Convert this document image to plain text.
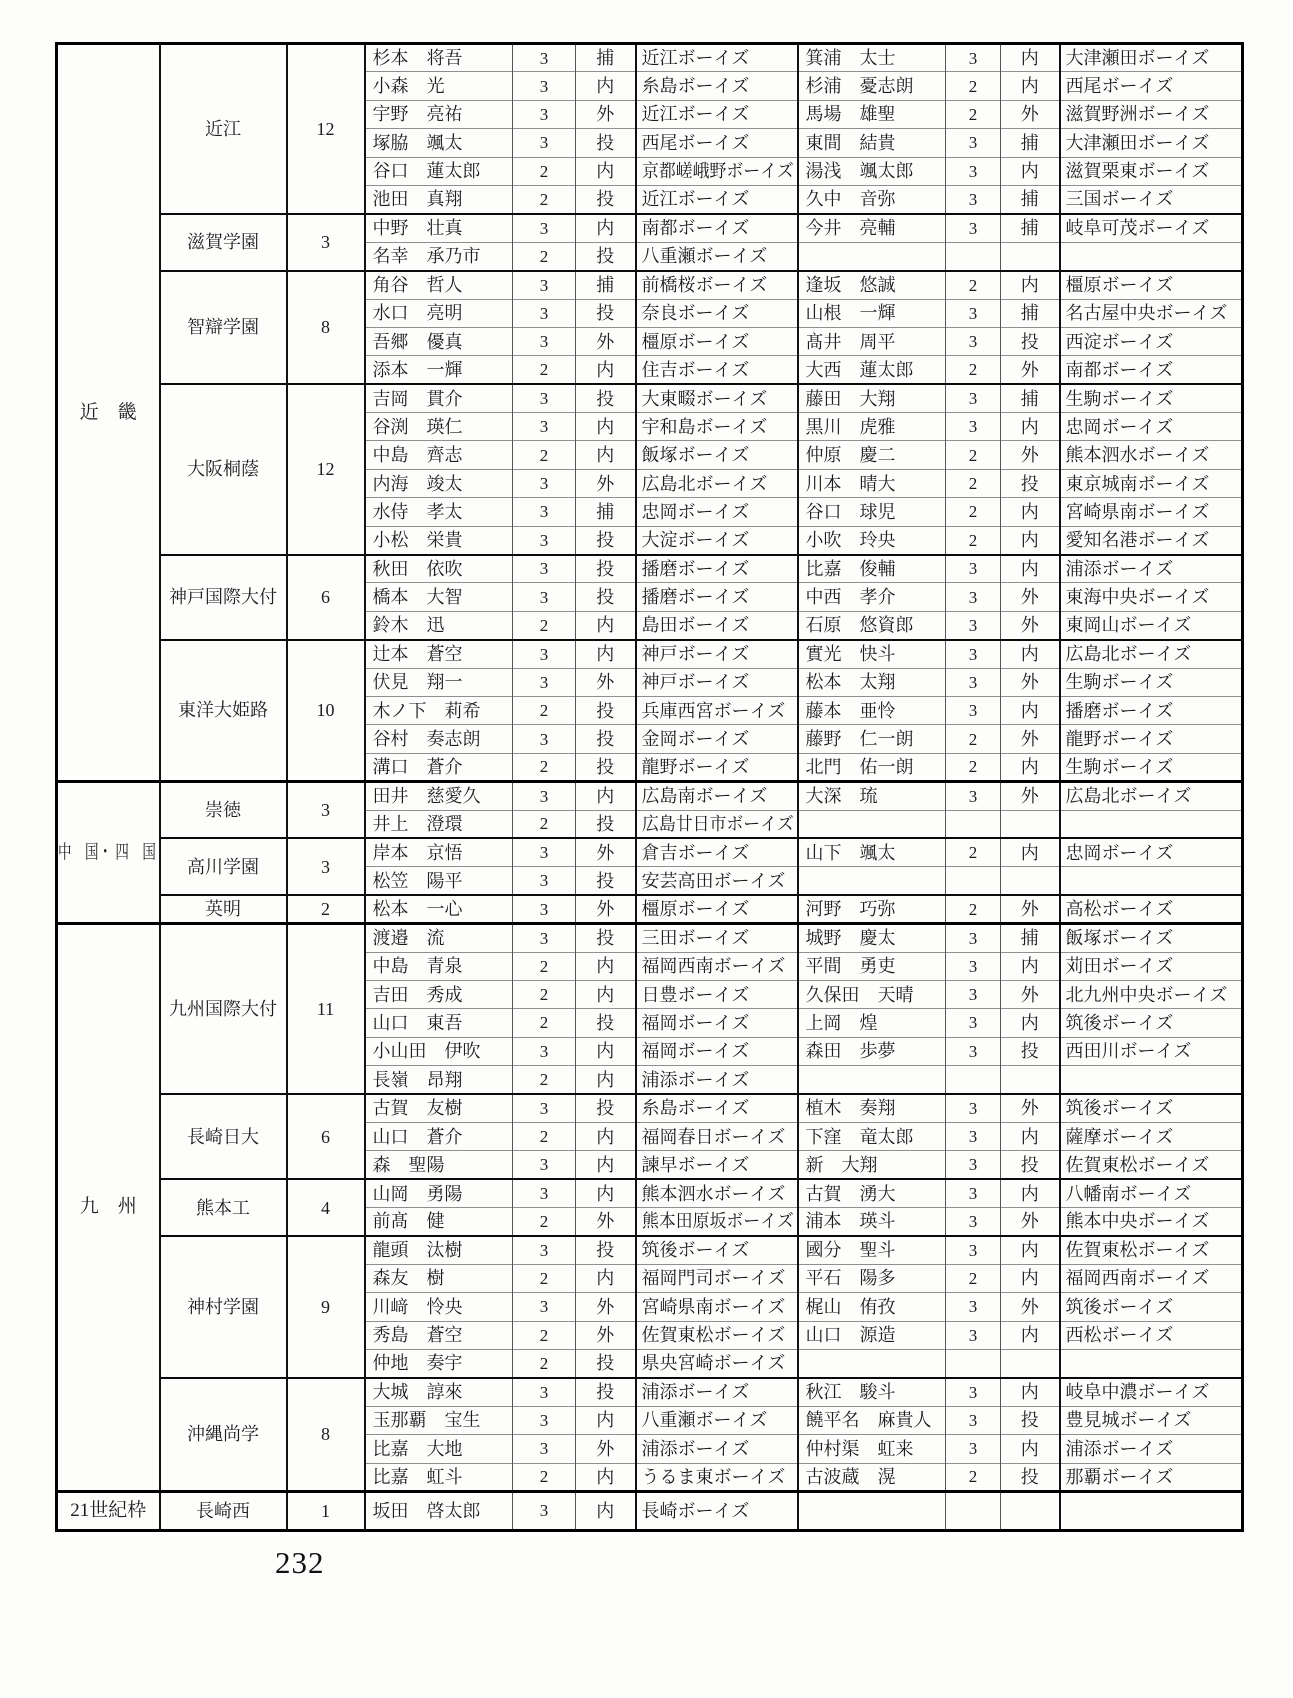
近　畿	近江	12	杉本　将吾	3	捕	近江ボーイズ	箕浦　太士	3	内	大津瀬田ボーイズ
			小森　光	3	内	糸島ボーイズ	杉浦　憂志朗	2	内	西尾ボーイズ
			宇野　亮祐	3	外	近江ボーイズ	馬場　雄聖	2	外	滋賀野洲ボーイズ
			塚脇　颯太	3	投	西尾ボーイズ	東間　結貴	3	捕	大津瀬田ボーイズ
			谷口　蓮太郎	2	内	京都嵯峨野ボーイズ	湯浅　颯太郎	3	内	滋賀栗東ボーイズ
			池田　真翔	2	投	近江ボーイズ	久中　音弥	3	捕	三国ボーイズ
	滋賀学園	3	中野　壮真	3	内	南都ボーイズ	今井　亮輔	3	捕	岐阜可茂ボーイズ
			名幸　承乃市	2	投	八重瀬ボーイズ				
	智辯学園	8	角谷　哲人	3	捕	前橋桜ボーイズ	逢坂　悠誠	2	内	橿原ボーイズ
			水口　亮明	3	投	奈良ボーイズ	山根　一輝	3	捕	名古屋中央ボーイズ
			吾郷　優真	3	外	橿原ボーイズ	髙井　周平	3	投	西淀ボーイズ
			添本　一輝	2	内	住吉ボーイズ	大西　蓮太郎	2	外	南都ボーイズ
	大阪桐蔭	12	吉岡　貫介	3	投	大東畷ボーイズ	藤田　大翔	3	捕	生駒ボーイズ
			谷渕　瑛仁	3	内	宇和島ボーイズ	黒川　虎雅	3	内	忠岡ボーイズ
			中島　齊志	2	内	飯塚ボーイズ	仲原　慶二	2	外	熊本泗水ボーイズ
			内海　竣太	3	外	広島北ボーイズ	川本　晴大	2	投	東京城南ボーイズ
			水侍　孝太	3	捕	忠岡ボーイズ	谷口　球児	2	内	宮崎県南ボーイズ
			小松　栄貴	3	投	大淀ボーイズ	小吹　玲央	2	内	愛知名港ボーイズ
	神戸国際大付	6	秋田　依吹	3	投	播磨ボーイズ	比嘉　俊輔	3	内	浦添ボーイズ
			橋本　大智	3	投	播磨ボーイズ	中西　孝介	3	外	東海中央ボーイズ
			鈴木　迅	2	内	島田ボーイズ	石原　悠資郎	3	外	東岡山ボーイズ
	東洋大姫路	10	辻本　蒼空	3	内	神戸ボーイズ	實光　快斗	3	内	広島北ボーイズ
			伏見　翔一	3	外	神戸ボーイズ	松本　太翔	3	外	生駒ボーイズ
			木ノ下　莉希	2	投	兵庫西宮ボーイズ	藤本　亜怜	3	内	播磨ボーイズ
			谷村　奏志朗	3	投	金岡ボーイズ	藤野　仁一朗	2	外	龍野ボーイズ
			溝口　蒼介	2	投	龍野ボーイズ	北門　佑一朗	2	内	生駒ボーイズ
中　国・ 四　国	崇徳	3	田井　慈愛久	3	内	広島南ボーイズ	大深　琉	3	外	広島北ボーイズ
			井上　澄環	2	投	広島廿日市ボーイズ				
	高川学園	3	岸本　京悟	3	外	倉吉ボーイズ	山下　颯太	2	内	忠岡ボーイズ
			松笠　陽平	3	投	安芸高田ボーイズ				
	英明	2	松本　一心	3	外	橿原ボーイズ	河野　巧弥	2	外	高松ボーイズ
九　州	九州国際大付	11	渡邉　流	3	投	三田ボーイズ	城野　慶太	3	捕	飯塚ボーイズ
			中島　青泉	2	内	福岡西南ボーイズ	平間　勇吏	3	内	苅田ボーイズ
			吉田　秀成	2	内	日豊ボーイズ	久保田　天晴	3	外	北九州中央ボーイズ
			山口　東吾	2	投	福岡ボーイズ	上岡　煌	3	内	筑後ボーイズ
			小山田　伊吹	3	内	福岡ボーイズ	森田　歩夢	3	投	西田川ボーイズ
			長嶺　昂翔	2	内	浦添ボーイズ				
	長崎日大	6	古賀　友樹	3	投	糸島ボーイズ	植木　奏翔	3	外	筑後ボーイズ
			山口　蒼介	2	内	福岡春日ボーイズ	下窪　竜太郎	3	内	薩摩ボーイズ
			森　聖陽	3	内	諫早ボーイズ	新　大翔	3	投	佐賀東松ボーイズ
	熊本工	4	山岡　勇陽	3	内	熊本泗水ボーイズ	古賀　湧大	3	内	八幡南ボーイズ
			前髙　健	2	外	熊本田原坂ボーイズ	浦本　瑛斗	3	外	熊本中央ボーイズ
	神村学園	9	龍頭　汰樹	3	投	筑後ボーイズ	國分　聖斗	3	内	佐賀東松ボーイズ
			森友　樹	2	内	福岡門司ボーイズ	平石　陽多	2	内	福岡西南ボーイズ
			川﨑　怜央	3	外	宮崎県南ボーイズ	梶山　侑孜	3	外	筑後ボーイズ
			秀島　蒼空	2	外	佐賀東松ボーイズ	山口　源造	3	内	西松ボーイズ
			仲地　奏宇	2	投	県央宮崎ボーイズ				
	沖縄尚学	8	大城　諄來	3	投	浦添ボーイズ	秋江　駿斗	3	内	岐阜中濃ボーイズ
			玉那覇　宝生	3	内	八重瀬ボーイズ	饒平名　麻貴人	3	投	豊見城ボーイズ
			比嘉　大地	3	外	浦添ボーイズ	仲村渠　虹来	3	内	浦添ボーイズ
			比嘉　虹斗	2	内	うるま東ボーイズ	古波蔵　滉	2	投	那覇ボーイズ
21世紀枠	長崎西	1	坂田　啓太郎	3	内	長崎ボーイズ				
232
